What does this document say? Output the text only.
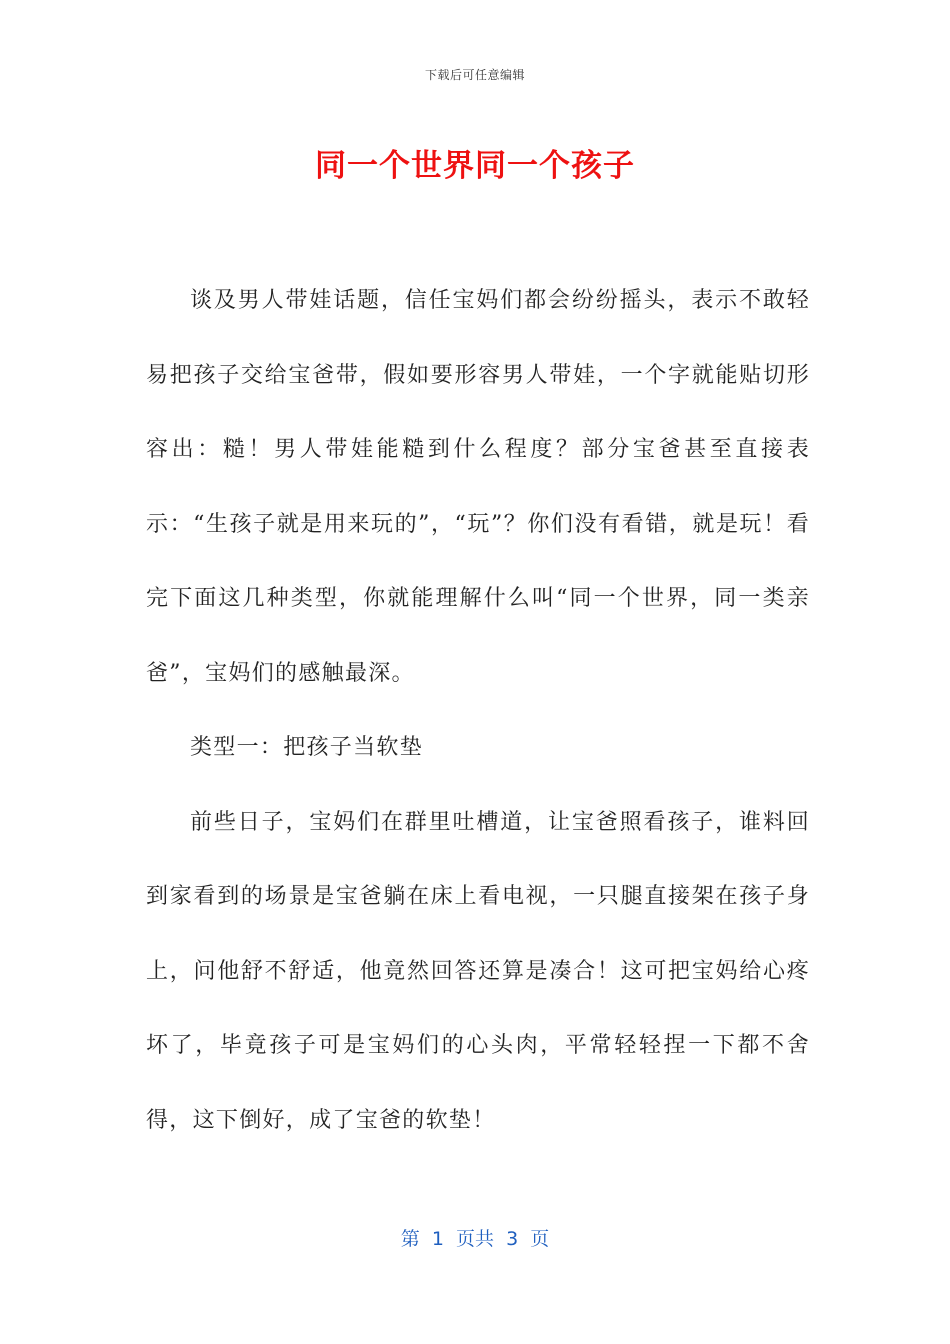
下载后可任意编辑
同一个世界同一个孩子

谈及男人带娃话题，信任宝妈们都会纷纷摇头，表示不敢轻易把孩子交给宝爸带，假如要形容男人带娃，一个字就能贴切形容出：糙！男人带娃能糙到什么程度？部分宝爸甚至直接表示：“生孩子就是用来玩的”，“玩”？你们没有看错，就是玩！看完下面这几种类型，你就能理解什么叫“同一个世界，同一类亲爸”，宝妈们的感触最深。

类型一：把孩子当软垫

前些日子，宝妈们在群里吐槽道，让宝爸照看孩子，谁料回到家看到的场景是宝爸躺在床上看电视，一只腿直接架在孩子身上，问他舒不舒适，他竟然回答还算是凑合！这可把宝妈给心疼坏了，毕竟孩子可是宝妈们的心头肉，平常轻轻捏一下都不舍得，这下倒好，成了宝爸的软垫！

第  1  页共  3  页
